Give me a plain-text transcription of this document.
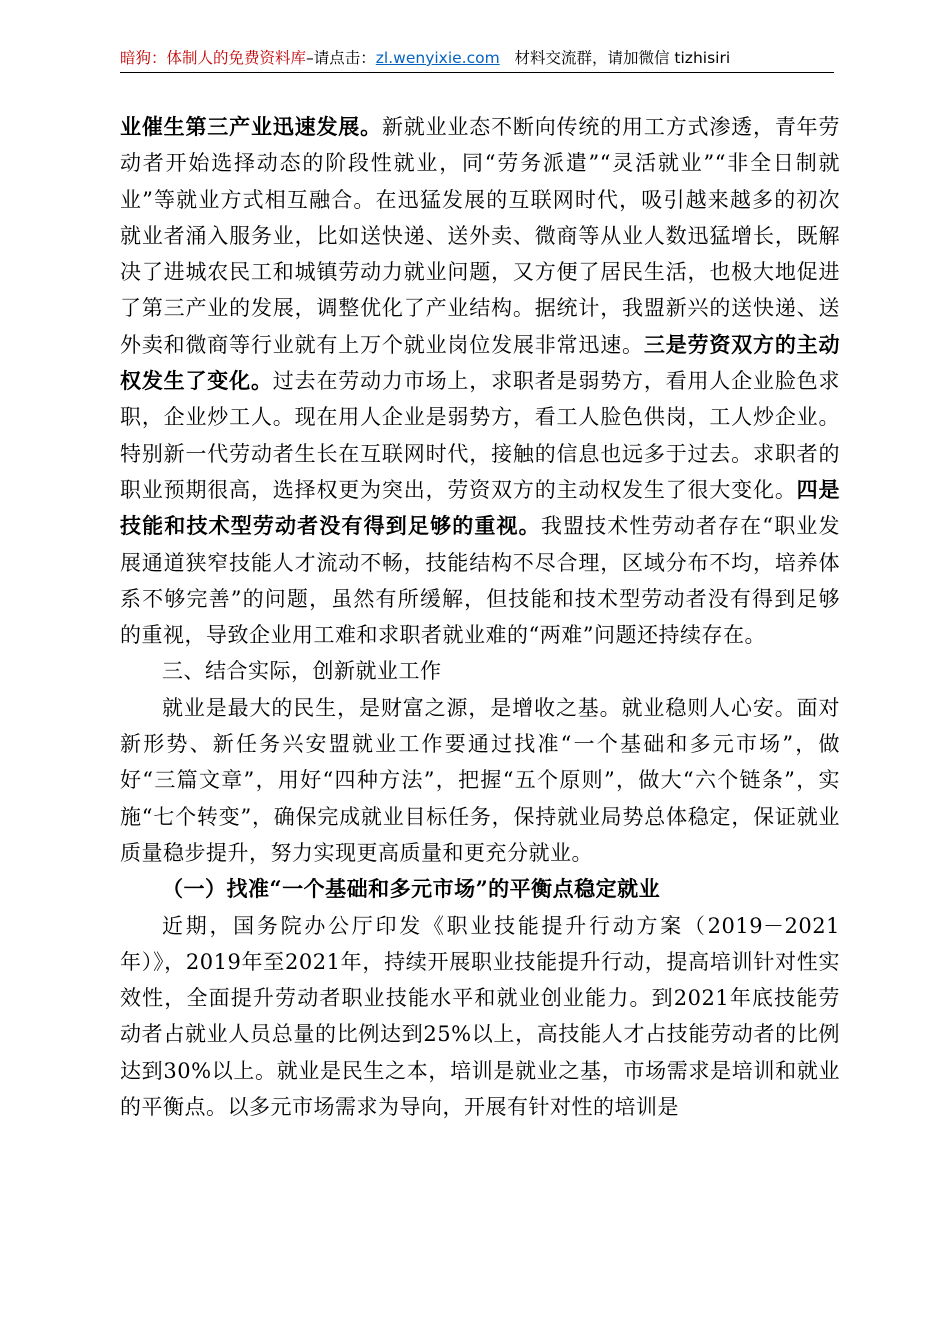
暗狗：体制人的免费资料库–请点击：zl.wenyixie.com   材料交流群，请加微信 tizhisiri

业催生第三产业迅速发展。新就业业态不断向传统的用工方式渗透，青年劳动者开始选择动态的阶段性就业，同“劳务派遣”“灵活就业”“非全日制就业”等就业方式相互融合。在迅猛发展的互联网时代，吸引越来越多的初次就业者涌入服务业，比如送快递、送外卖、微商等从业人数迅猛增长，既解决了进城农民工和城镇劳动力就业问题，又方便了居民生活，也极大地促进了第三产业的发展，调整优化了产业结构。据统计，我盟新兴的送快递、送外卖和微商等行业就有上万个就业岗位发展非常迅速。三是劳资双方的主动权发生了变化。过去在劳动力市场上，求职者是弱势方，看用人企业脸色求职，企业炒工人。现在用人企业是弱势方，看工人脸色供岗，工人炒企业。特别新一代劳动者生长在互联网时代，接触的信息也远多于过去。求职者的职业预期很高，选择权更为突出，劳资双方的主动权发生了很大变化。四是技能和技术型劳动者没有得到足够的重视。我盟技术性劳动者存在“职业发展通道狭窄技能人才流动不畅，技能结构不尽合理，区域分布不均，培养体系不够完善”的问题，虽然有所缓解，但技能和技术型劳动者没有得到足够的重视，导致企业用工难和求职者就业难的“两难”问题还持续存在。

三、结合实际，创新就业工作

就业是最大的民生，是财富之源，是增收之基。就业稳则人心安。面对新形势、新任务兴安盟就业工作要通过找准“一个基础和多元市场”，做好“三篇文章”，用好“四种方法”，把握“五个原则”，做大“六个链条”，实施“七个转变”，确保完成就业目标任务，保持就业局势总体稳定，保证就业质量稳步提升，努力实现更高质量和更充分就业。

（一）找准“一个基础和多元市场”的平衡点稳定就业

近期，国务院办公厅印发《职业技能提升行动方案（2019－2021年）》，2019年至2021年，持续开展职业技能提升行动，提高培训针对性实效性，全面提升劳动者职业技能水平和就业创业能力。到2021年底技能劳动者占就业人员总量的比例达到25%以上，高技能人才占技能劳动者的比例达到30%以上。就业是民生之本，培训是就业之基，市场需求是培训和就业的平衡点。以多元市场需求为导向，开展有针对性的培训是
